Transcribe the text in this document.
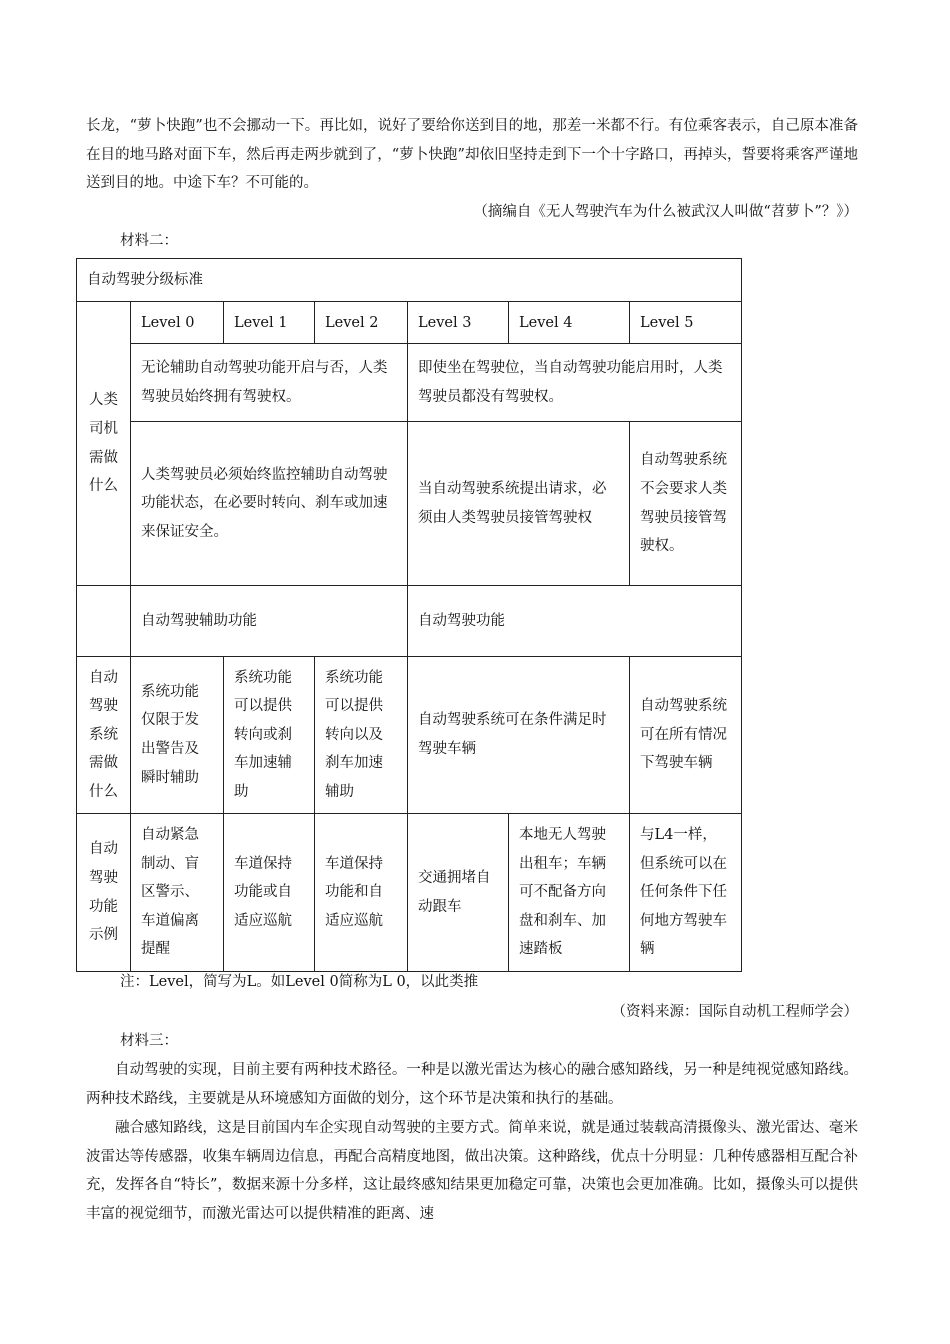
长龙，“萝卜快跑”也不会挪动一下。再比如，说好了要给你送到目的地，那差一米都不行。有位乘客表示，自己原本准备在目的地马路对面下车，然后再走两步就到了，“萝卜快跑”却依旧坚持走到下一个十字路口，再掉头，誓要将乘客严谨地送到目的地。中途下车？不可能的。

（摘编自《无人驾驶汽车为什么被武汉人叫做“苕萝卜”？》）
材料二：
自动驾驶分级标准						
人类司机需做什么	Level 0	Level 1	Level 2	Level 3	Level 4	Level 5
	无论辅助自动驾驶功能开启与否，人类驾驶员始终拥有驾驶权。			即使坐在驾驶位，当自动驾驶功能启用时，人类驾驶员都没有驾驶权。		
	人类驾驶员必须始终监控辅助自动驾驶功能状态，在必要时转向、刹车或加速来保证安全。			当自动驾驶系统提出请求，必须由人类驾驶员接管驾驶权		自动驾驶系统不会要求人类驾驶员接管驾驶权。
	自动驾驶辅助功能			自动驾驶功能		
自动驾驶系统需做什么	系统功能仅限于发出警告及瞬时辅助	系统功能可以提供转向或刹车加速辅助	系统功能可以提供转向以及刹车加速辅助	自动驾驶系统可在条件满足时驾驶车辆		自动驾驶系统可在所有情况下驾驶车辆
自动驾驶功能示例	自动紧急制动、盲区警示、车道偏离提醒	车道保持功能或自适应巡航	车道保持功能和自适应巡航	交通拥堵自动跟车	本地无人驾驶出租车；车辆可不配备方向盘和刹车、加速踏板	与L4一样，但系统可以在任何条件下任何地方驾驶车辆
注：Level，简写为L。如Level 0简称为L 0，以此类推
（资料来源：国际自动机工程师学会）
材料三：

自动驾驶的实现，目前主要有两种技术路径。一种是以激光雷达为核心的融合感知路线，另一种是纯视觉感知路线。两种技术路线，主要就是从环境感知方面做的划分，这个环节是决策和执行的基础。

融合感知路线，这是目前国内车企实现自动驾驶的主要方式。简单来说，就是通过装载高清摄像头、激光雷达、毫米波雷达等传感器，收集车辆周边信息，再配合高精度地图，做出决策。这种路线，优点十分明显：几种传感器相互配合补充，发挥各自“特长”，数据来源十分多样，这让最终感知结果更加稳定可靠，决策也会更加准确。比如，摄像头可以提供丰富的视觉细节，而激光雷达可以提供精准的距离、速
